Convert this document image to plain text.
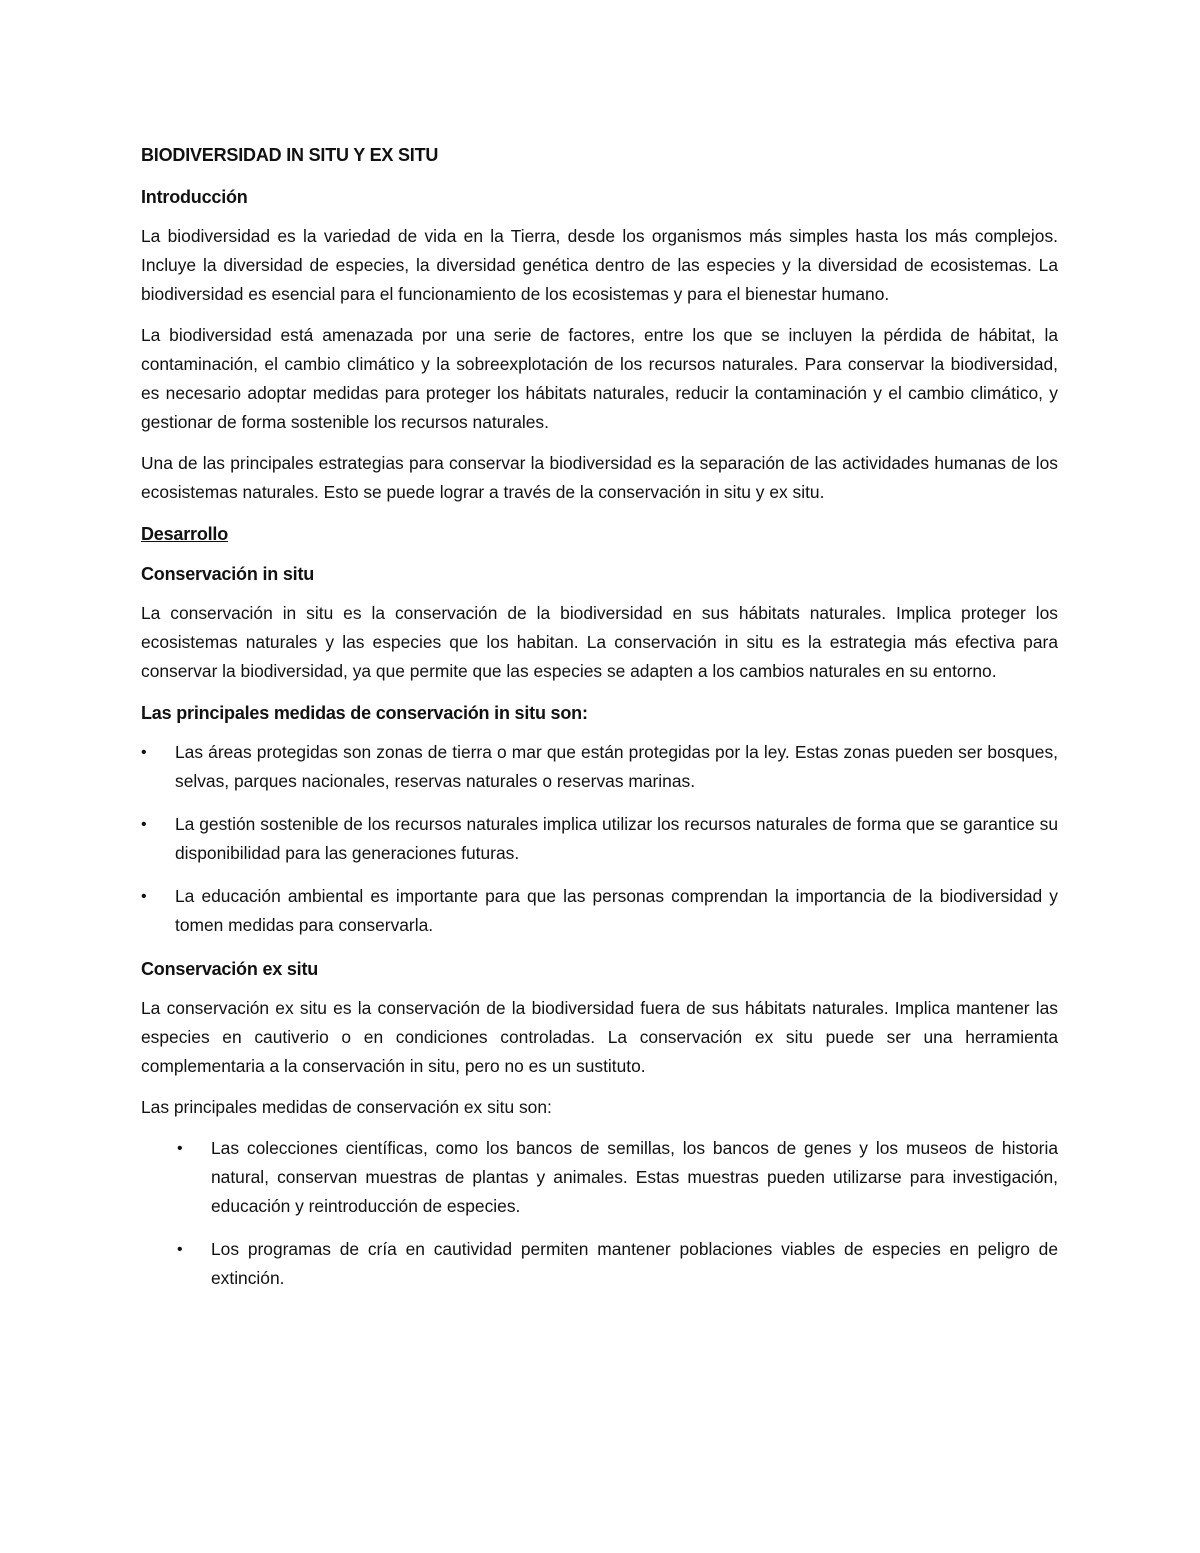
BIODIVERSIDAD IN SITU Y EX SITU
Introducción

La biodiversidad es la variedad de vida en la Tierra, desde los organismos más simples hasta los más complejos. Incluye la diversidad de especies, la diversidad genética dentro de las especies y la diversidad de ecosistemas. La biodiversidad es esencial para el funcionamiento de los ecosistemas y para el bienestar humano.

La biodiversidad está amenazada por una serie de factores, entre los que se incluyen la pérdida de hábitat, la contaminación, el cambio climático y la sobreexplotación de los recursos naturales. Para conservar la biodiversidad, es necesario adoptar medidas para proteger los hábitats naturales, reducir la contaminación y el cambio climático, y gestionar de forma sostenible los recursos naturales.

Una de las principales estrategias para conservar la biodiversidad es la separación de las actividades humanas de los ecosistemas naturales. Esto se puede lograr a través de la conservación in situ y ex situ.

Desarrollo
Conservación in situ

La conservación in situ es la conservación de la biodiversidad en sus hábitats naturales. Implica proteger los ecosistemas naturales y las especies que los habitan. La conservación in situ es la estrategia más efectiva para conservar la biodiversidad, ya que permite que las especies se adapten a los cambios naturales en su entorno.

Las principales medidas de conservación in situ son:
• Las áreas protegidas son zonas de tierra o mar que están protegidas por la ley. Estas zonas pueden ser bosques, selvas, parques nacionales, reservas naturales o reservas marinas.
• La gestión sostenible de los recursos naturales implica utilizar los recursos naturales de forma que se garantice su disponibilidad para las generaciones futuras.
• La educación ambiental es importante para que las personas comprendan la importancia de la biodiversidad y tomen medidas para conservarla.
Conservación ex situ

La conservación ex situ es la conservación de la biodiversidad fuera de sus hábitats naturales. Implica mantener las especies en cautiverio o en condiciones controladas. La conservación ex situ puede ser una herramienta complementaria a la conservación in situ, pero no es un sustituto.

Las principales medidas de conservación ex situ son:

• Las colecciones científicas, como los bancos de semillas, los bancos de genes y los museos de historia natural, conservan muestras de plantas y animales. Estas muestras pueden utilizarse para investigación, educación y reintroducción de especies.
• Los programas de cría en cautividad permiten mantener poblaciones viables de especies en peligro de extinción.
